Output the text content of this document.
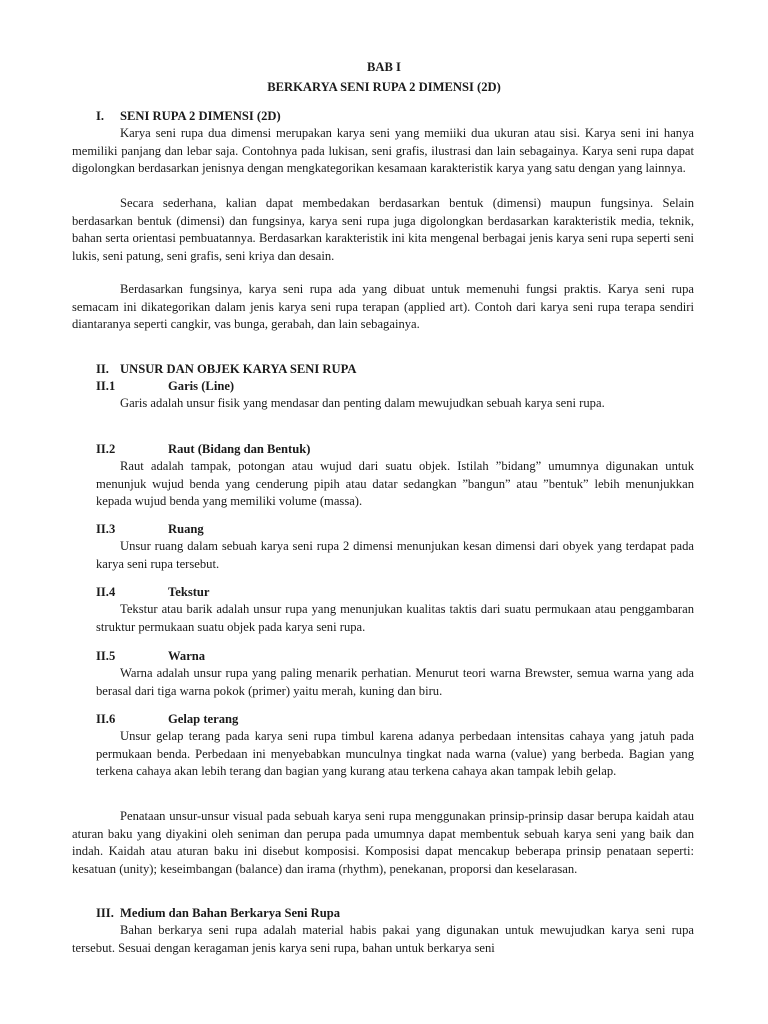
BAB I
BERKARYA SENI RUPA 2 DIMENSI (2D)
I. SENI RUPA 2 DIMENSI (2D)

Karya seni rupa dua dimensi merupakan karya seni yang memiiki dua ukuran atau sisi. Karya seni ini hanya memiliki panjang dan lebar saja. Contohnya pada lukisan, seni grafis, ilustrasi dan lain sebagainya. Karya seni rupa dapat digolongkan berdasarkan jenisnya dengan mengkategorikan kesamaan karakteristik karya yang satu dengan yang lainnya.

Secara sederhana, kalian dapat membedakan berdasarkan bentuk (dimensi) maupun fungsinya. Selain berdasarkan bentuk (dimensi) dan fungsinya, karya seni rupa juga digolongkan berdasarkan karakteristik media, teknik, bahan serta orientasi pembuatannya. Berdasarkan karakteristik ini kita mengenal berbagai jenis karya seni rupa seperti seni lukis, seni patung, seni grafis, seni kriya dan desain.

Berdasarkan fungsinya, karya seni rupa ada yang dibuat untuk memenuhi fungsi praktis. Karya seni rupa semacam ini dikategorikan dalam jenis karya seni rupa terapan (applied art). Contoh dari karya seni rupa terapa sendiri diantaranya seperti cangkir, vas bunga, gerabah, dan lain sebagainya.

II. UNSUR DAN OBJEK KARYA SENI RUPA
II.1	Garis (Line)

Garis adalah unsur fisik yang mendasar dan penting dalam mewujudkan sebuah karya seni rupa.

II.2	Raut (Bidang dan Bentuk)

Raut adalah tampak, potongan atau wujud dari suatu objek. Istilah ”bidang” umumnya digunakan untuk menunjuk wujud benda yang cenderung pipih atau datar sedangkan ”bangun” atau ”bentuk” lebih menunjukkan kepada wujud benda yang memiliki volume (massa).

II.3	Ruang

Unsur ruang dalam sebuah karya seni rupa 2 dimensi menunjukan kesan dimensi dari obyek yang terdapat pada karya seni rupa tersebut.

II.4	Tekstur

Tekstur atau barik adalah unsur rupa yang menunjukan kualitas taktis dari suatu permukaan atau penggambaran struktur permukaan suatu objek pada karya seni rupa.

II.5	Warna

Warna adalah unsur rupa yang paling menarik perhatian. Menurut teori warna Brewster, semua warna yang ada berasal dari tiga warna pokok (primer) yaitu merah, kuning dan biru.

II.6	Gelap terang

Unsur gelap terang pada karya seni rupa timbul karena adanya perbedaan intensitas cahaya yang jatuh pada permukaan benda. Perbedaan ini menyebabkan munculnya tingkat nada warna (value) yang berbeda. Bagian yang terkena cahaya akan lebih terang dan bagian yang kurang atau terkena cahaya akan tampak lebih gelap.

Penataan unsur-unsur visual pada sebuah karya seni rupa menggunakan prinsip-prinsip dasar berupa kaidah atau aturan baku yang diyakini oleh seniman dan perupa pada umumnya dapat membentuk sebuah karya seni yang baik dan indah. Kaidah atau aturan baku ini disebut komposisi. Komposisi dapat mencakup beberapa prinsip penataan seperti: kesatuan (unity); keseimbangan (balance) dan irama (rhythm), penekanan, proporsi dan keselarasan.

III. Medium dan Bahan Berkarya Seni Rupa

Bahan berkarya seni rupa adalah material habis pakai yang digunakan untuk mewujudkan karya seni rupa tersebut. Sesuai dengan keragaman jenis karya seni rupa, bahan untuk berkarya seni
